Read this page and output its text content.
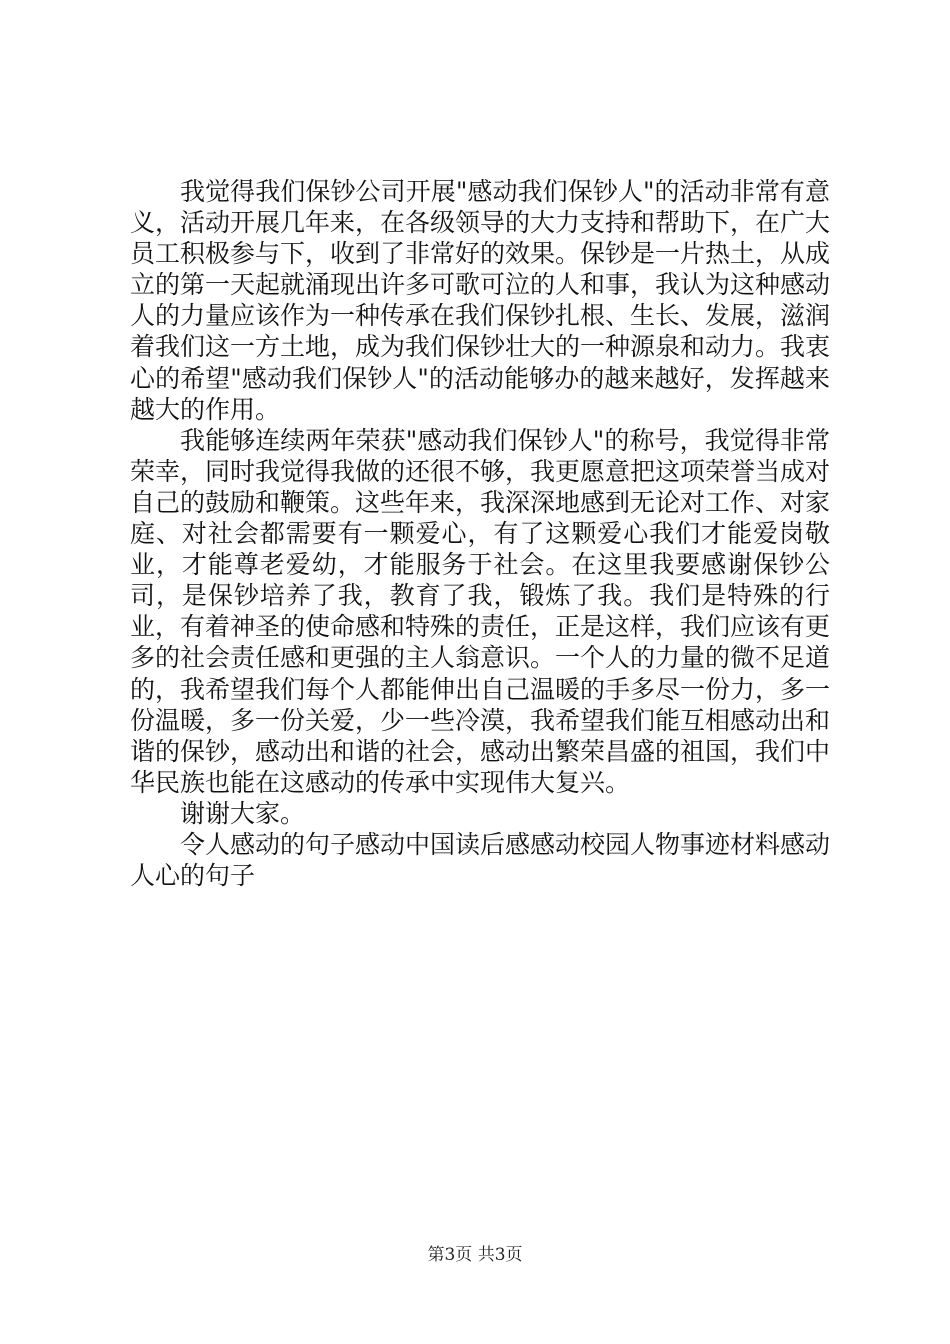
我觉得我们保钞公司开展"感动我们保钞人"的活动非常有意义，活动开展几年来，在各级领导的大力支持和帮助下，在广大员工积极参与下，收到了非常好的效果。保钞是一片热土，从成立的第一天起就涌现出许多可歌可泣的人和事，我认为这种感动人的力量应该作为一种传承在我们保钞扎根、生长、发展，滋润着我们这一方土地，成为我们保钞壮大的一种源泉和动力。我衷心的希望"感动我们保钞人"的活动能够办的越来越好，发挥越来越大的作用。

我能够连续两年荣获"感动我们保钞人"的称号，我觉得非常荣幸，同时我觉得我做的还很不够，我更愿意把这项荣誉当成对自己的鼓励和鞭策。这些年来，我深深地感到无论对工作、对家庭、对社会都需要有一颗爱心，有了这颗爱心我们才能爱岗敬业，才能尊老爱幼，才能服务于社会。在这里我要感谢保钞公司，是保钞培养了我，教育了我，锻炼了我。我们是特殊的行业，有着神圣的使命感和特殊的责任，正是这样，我们应该有更多的社会责任感和更强的主人翁意识。一个人的力量的微不足道的，我希望我们每个人都能伸出自己温暖的手多尽一份力，多一份温暖，多一份关爱，少一些冷漠，我希望我们能互相感动出和谐的保钞，感动出和谐的社会，感动出繁荣昌盛的祖国，我们中华民族也能在这感动的传承中实现伟大复兴。

谢谢大家。

令人感动的句子感动中国读后感感动校园人物事迹材料感动人心的句子

第3页 共3页
